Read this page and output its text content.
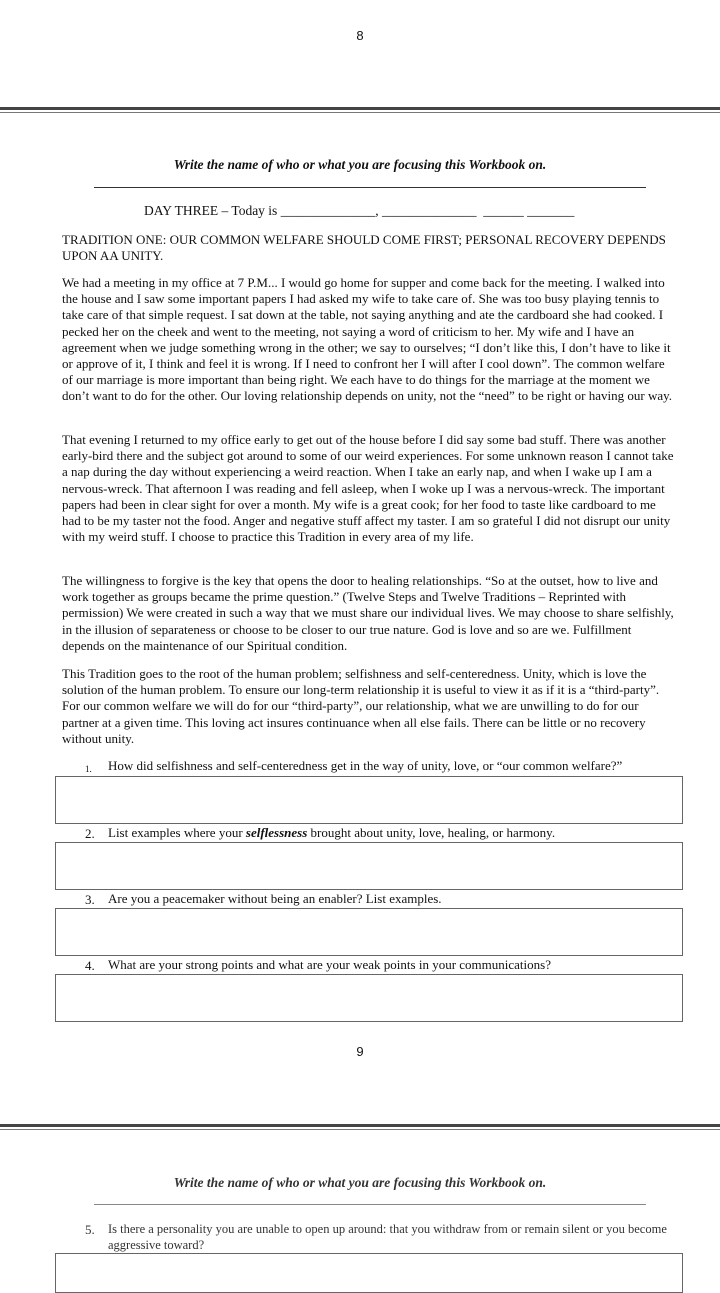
8
Write the name of who or what you are focusing this Workbook on.
DAY THREE – Today is ______________, ______________  ______ _______

TRADITION ONE: OUR COMMON WELFARE SHOULD COME FIRST; PERSONAL RECOVERY DEPENDS UPON AA UNITY.

We had a meeting in my office at 7 P.M... I would go home for supper and come back for the meeting. I walked into the house and I saw some important papers I had asked my wife to take care of. She was too busy playing tennis to take care of that simple request. I sat down at the table, not saying anything and ate the cardboard she had cooked. I pecked her on the cheek and went to the meeting, not saying a word of criticism to her. My wife and I have an agreement when we judge something wrong in the other; we say to ourselves; “I don’t like this, I don’t have to like it or approve of it, I think and feel it is wrong. If I need to confront her I will after I cool down”. The common welfare of our marriage is more important than being right. We each have to do things for the marriage at the moment we don’t want to do for the other. Our loving relationship depends on unity, not the “need” to be right or having our way.

That evening I returned to my office early to get out of the house before I did say some bad stuff. There was another early-bird there and the subject got around to some of our weird experiences. For some unknown reason I cannot take a nap during the day without experiencing a weird reaction. When I take an early nap, and when I wake up I am a nervous-wreck. That afternoon I was reading and fell asleep, when I woke up I was a nervous-wreck. The important papers had been in clear sight for over a month. My wife is a great cook; for her food to taste like cardboard to me had to be my taster not the food. Anger and negative stuff affect my taster. I am so grateful I did not disrupt our unity with my weird stuff. I choose to practice this Tradition in every area of my life.

The willingness to forgive is the key that opens the door to healing relationships. “So at the outset, how to live and work together as groups became the prime question.” (Twelve Steps and Twelve Traditions – Reprinted with permission) We were created in such a way that we must share our individual lives. We may choose to share selfishly, in the illusion of separateness or choose to be closer to our true nature. God is love and so are we. Fulfillment depends on the maintenance of our Spiritual condition.

This Tradition goes to the root of the human problem; selfishness and self-centeredness. Unity, which is love the solution of the human problem. To ensure our long-term relationship it is useful to view it as if it is a “third-party”. For our common welfare we will do for our “third-party”, our relationship, what we are unwilling to do for our partner at a given time. This loving act insures continuance when all else fails. There can be little or no recovery without unity.

1. How did selfishness and self-centeredness get in the way of unity, love, or “our common welfare?”
2. List examples where your selflessness brought about unity, love, healing, or harmony.
3. Are you a peacemaker without being an enabler? List examples.
4. What are your strong points and what are your weak points in your communications?
9
Write the name of who or what you are focusing this Workbook on.
5. Is there a personality you are unable to open up around: that you withdraw from or remain silent or you become aggressive toward?
